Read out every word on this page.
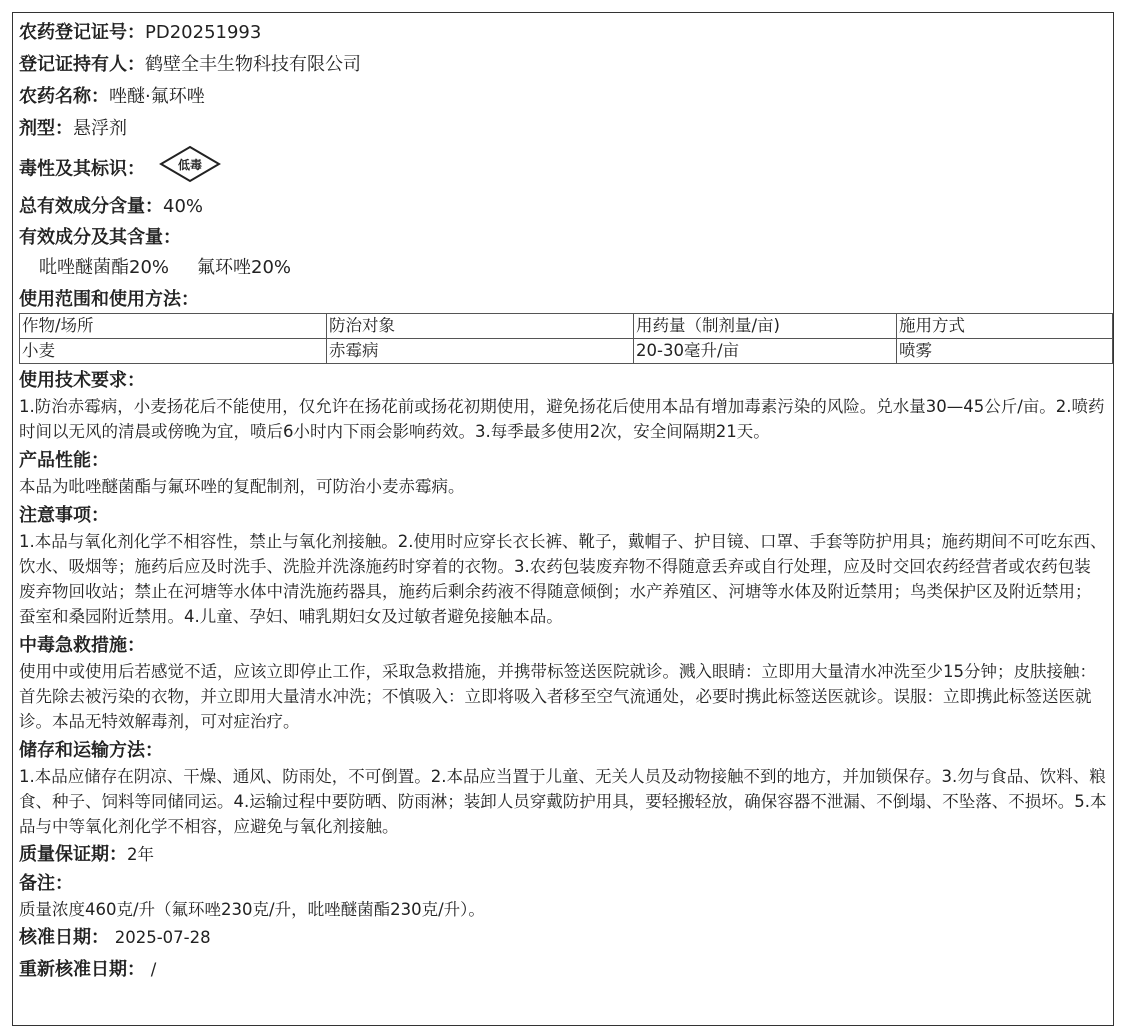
农药登记证号：PD20251993
登记证持有人：鹤壁全丰生物科技有限公司
农药名称：唑醚·氟环唑
剂型：悬浮剂
毒性及其标识：	低毒
总有效成分含量：40%
有效成分及其含量：
吡唑醚菌酯20% 氟环唑20%
使用范围和使用方法：
作物/场所	防治对象	用药量（制剂量/亩)	施用方式
小麦	赤霉病	20-30毫升/亩	喷雾
使用技术要求：
1.防治赤霉病，小麦扬花后不能使用，仅允许在扬花前或扬花初期使用，避免扬花后使用本品有增加毒素污染的风险。兑水量30—45公斤/亩。2.喷药时间以无风的清晨或傍晚为宜，喷后6小时内下雨会影响药效。3.每季最多使用2次，安全间隔期21天。
产品性能：
本品为吡唑醚菌酯与氟环唑的复配制剂，可防治小麦赤霉病。
注意事项：
1.本品与氧化剂化学不相容性，禁止与氧化剂接触。2.使用时应穿长衣长裤、靴子，戴帽子、护目镜、口罩、手套等防护用具；施药期间不可吃东西、饮水、吸烟等；施药后应及时洗手、洗脸并洗涤施药时穿着的衣物。3.农药包装废弃物不得随意丢弃或自行处理，应及时交回农药经营者或农药包装废弃物回收站；禁止在河塘等水体中清洗施药器具，施药后剩余药液不得随意倾倒；水产养殖区、河塘等水体及附近禁用；鸟类保护区及附近禁用；蚕室和桑园附近禁用。4.儿童、孕妇、哺乳期妇女及过敏者避免接触本品。
中毒急救措施：
使用中或使用后若感觉不适，应该立即停止工作，采取急救措施，并携带标签送医院就诊。溅入眼睛：立即用大量清水冲洗至少15分钟；皮肤接触：首先除去被污染的衣物，并立即用大量清水冲洗；不慎吸入：立即将吸入者移至空气流通处，必要时携此标签送医就诊。误服：立即携此标签送医就诊。本品无特效解毒剂，可对症治疗。
储存和运输方法：
1.本品应储存在阴凉、干燥、通风、防雨处，不可倒置。2.本品应当置于儿童、无关人员及动物接触不到的地方，并加锁保存。3.勿与食品、饮料、粮食、种子、饲料等同储同运。4.运输过程中要防晒、防雨淋；装卸人员穿戴防护用具，要轻搬轻放，确保容器不泄漏、不倒塌、不坠落、不损坏。5.本品与中等氧化剂化学不相容，应避免与氧化剂接触。
质量保证期：2年
备注：
质量浓度460克/升（氟环唑230克/升，吡唑醚菌酯230克/升）。
核准日期： 2025-07-28
重新核准日期： /
